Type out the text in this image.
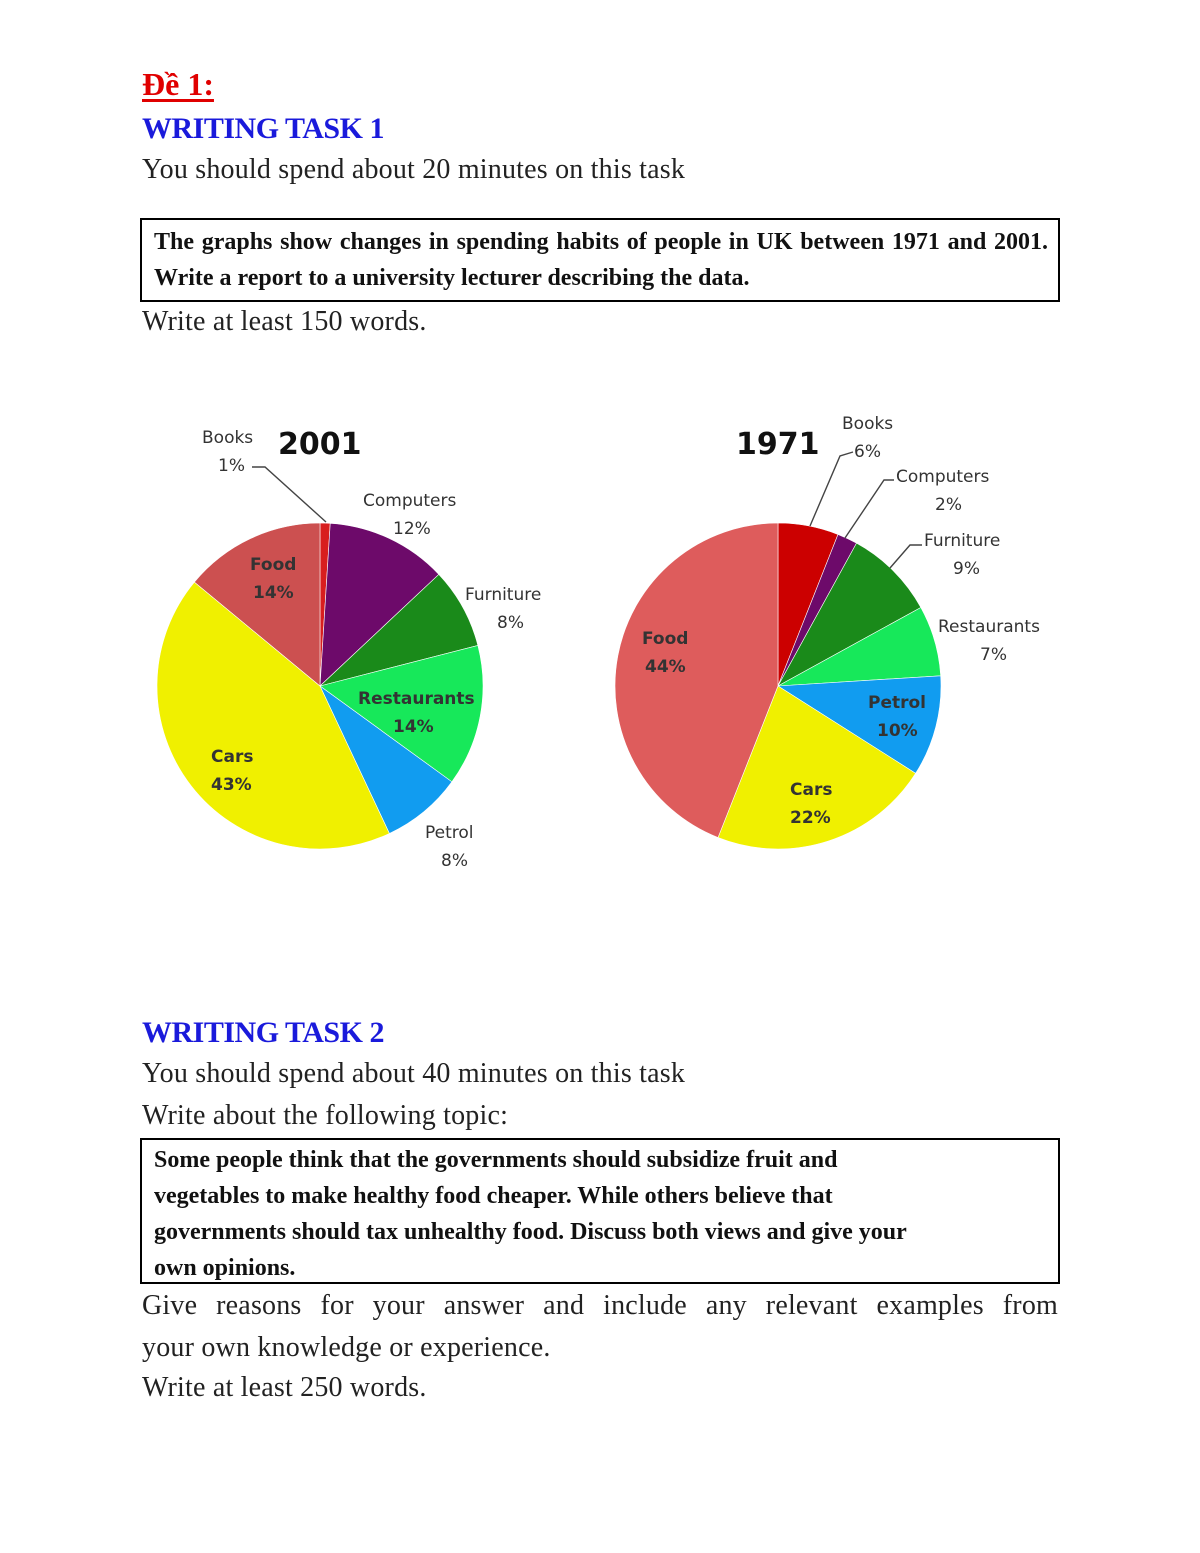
Đề 1:
WRITING TASK 1
You should spend about 20 minutes on this task
The graphs show changes in spending habits of people in UK between 1971 and 2001. Write a report to a university lecturer describing the data.
Write at least 150 words.
2001
Books
1%
Computers
12%
Furniture
8%
Restaurants
14%
Petrol
8%
Cars
43%
Food
14%
1971
Books
6%
Computers
2%
Furniture
9%
Restaurants
7%
Petrol
10%
Cars
22%
Food
44%
WRITING TASK 2
You should spend about 40 minutes on this task
Write about the following topic:
Some people think that the governments should subsidize fruit and
vegetables to make healthy food cheaper. While others believe that
governments should tax unhealthy food. Discuss both views and give your
own opinions.
Give reasons for your answer and include any relevant examples from
your own knowledge or experience.
Write at least 250 words.
